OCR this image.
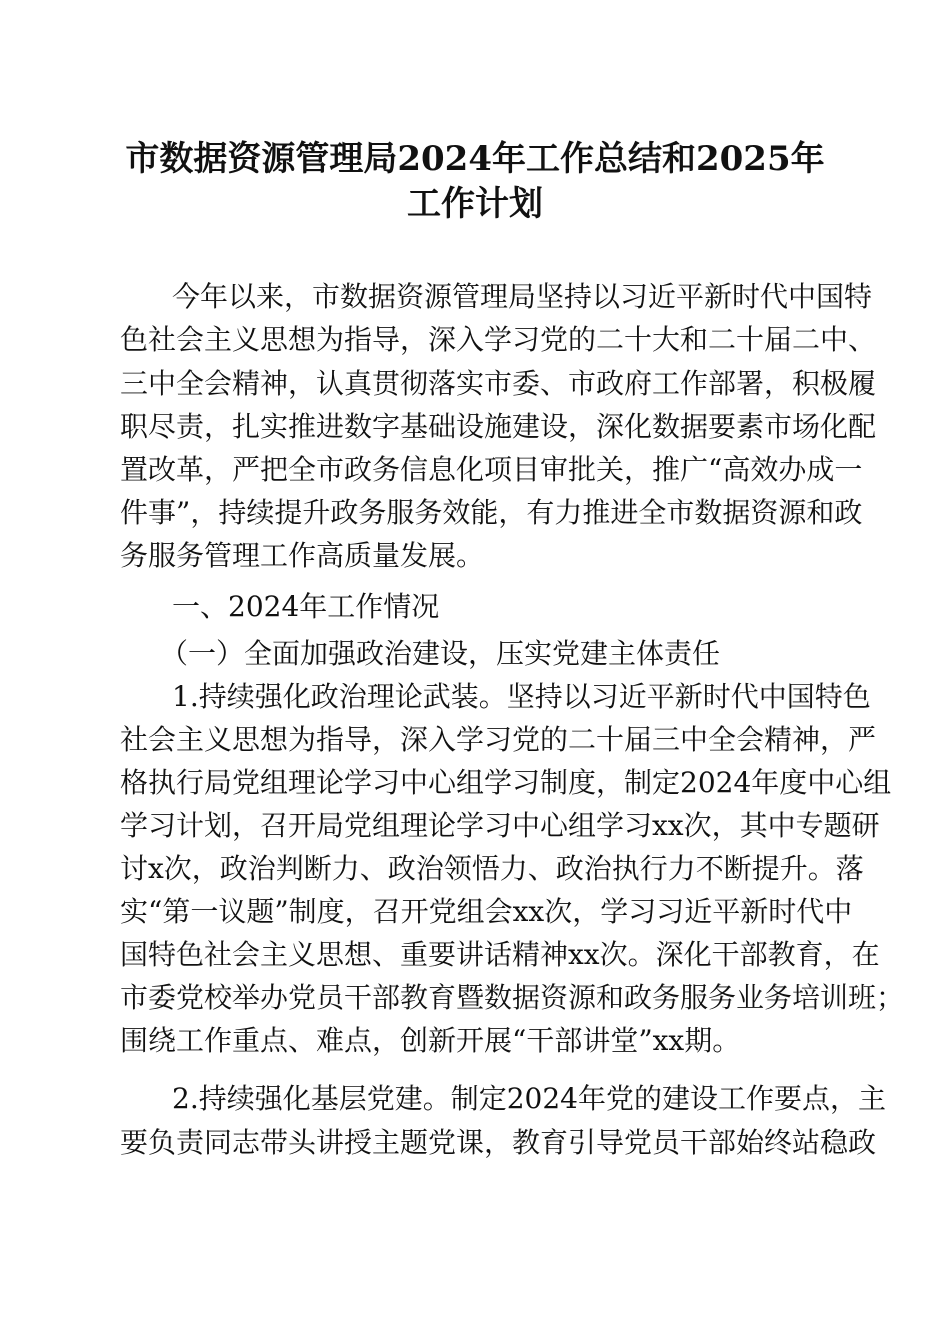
市数据资源管理局2024年工作总结和2025年
工作计划
今年以来，市数据资源管理局坚持以习近平新时代中国特
色社会主义思想为指导，深入学习党的二十大和二十届二中、
三中全会精神，认真贯彻落实市委、市政府工作部署，积极履
职尽责，扎实推进数字基础设施建设，深化数据要素市场化配
置改革，严把全市政务信息化项目审批关，推广“高效办成一
件事”，持续提升政务服务效能，有力推进全市数据资源和政
务服务管理工作高质量发展。
一、2024年工作情况
（一）全面加强政治建设，压实党建主体责任
1.持续强化政治理论武装。坚持以习近平新时代中国特色
社会主义思想为指导，深入学习党的二十届三中全会精神，严
格执行局党组理论学习中心组学习制度，制定2024年度中心组
学习计划，召开局党组理论学习中心组学习xx次，其中专题研
讨x次，政治判断力、政治领悟力、政治执行力不断提升。落
实“第一议题”制度，召开党组会xx次，学习习近平新时代中
国特色社会主义思想、重要讲话精神xx次。深化干部教育，在
市委党校举办党员干部教育暨数据资源和政务服务业务培训班；
围绕工作重点、难点，创新开展“干部讲堂”xx期。
2.持续强化基层党建。制定2024年党的建设工作要点，主
要负责同志带头讲授主题党课，教育引导党员干部始终站稳政
